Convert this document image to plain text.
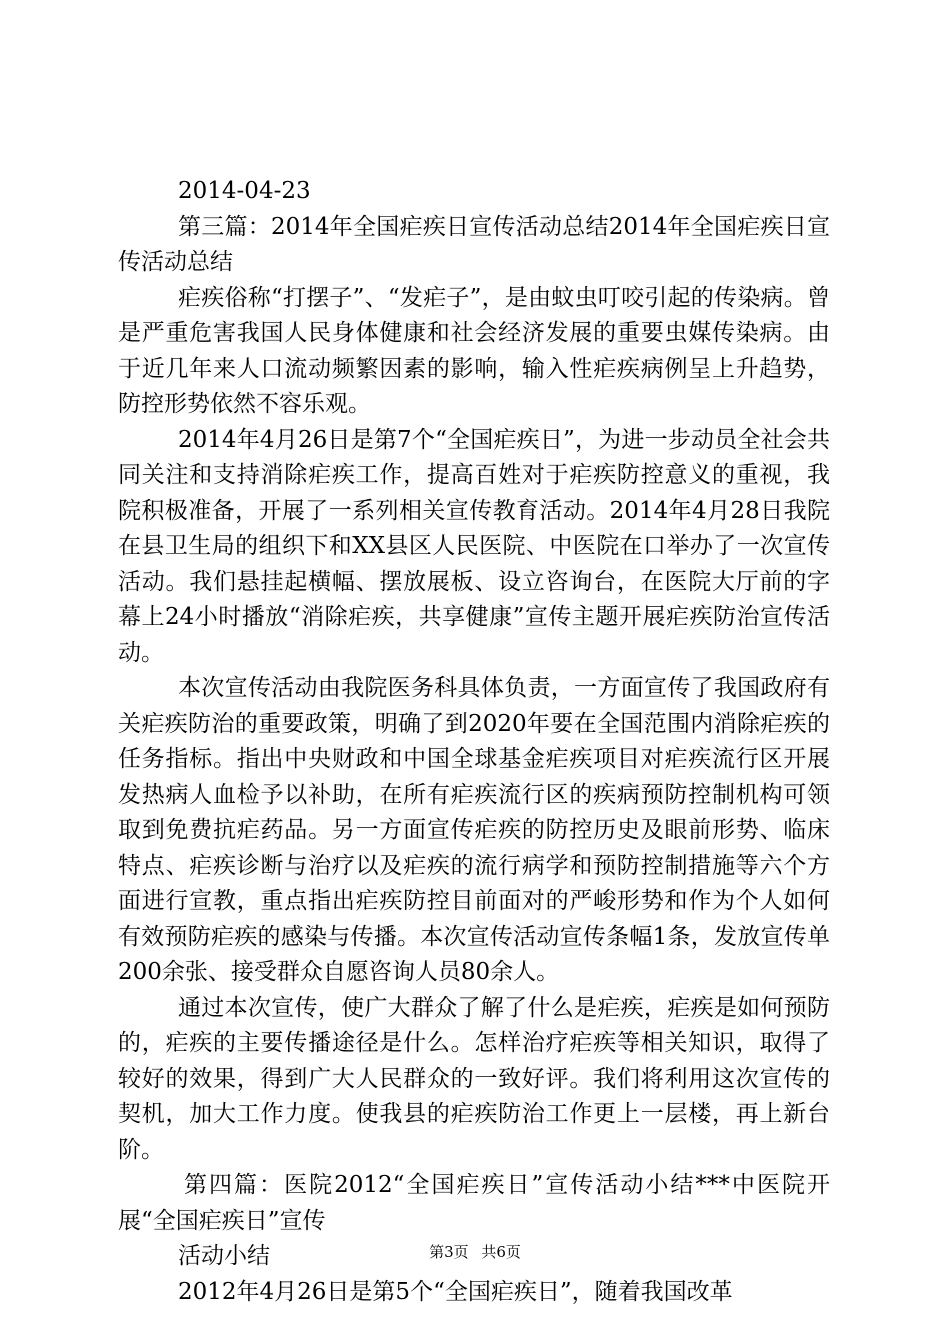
2014-04-23

第三篇：2014年全国疟疾日宣传活动总结2014年全国疟疾日宣传活动总结

疟疾俗称“打摆子”、“发疟子”，是由蚊虫叮咬引起的传染病。曾是严重危害我国人民身体健康和社会经济发展的重要虫媒传染病。由于近几年来人口流动频繁因素的影响，输入性疟疾病例呈上升趋势，防控形势依然不容乐观。

2014年4月26日是第7个“全国疟疾日”，为进一步动员全社会共同关注和支持消除疟疾工作，提高百姓对于疟疾防控意义的重视，我院积极准备，开展了一系列相关宣传教育活动。2014年4月28日我院在县卫生局的组织下和XX县区人民医院、中医院在口举办了一次宣传活动。我们悬挂起横幅、摆放展板、设立咨询台，在医院大厅前的字幕上24小时播放“消除疟疾，共享健康”宣传主题开展疟疾防治宣传活动。

本次宣传活动由我院医务科具体负责，一方面宣传了我国政府有关疟疾防治的重要政策，明确了到2020年要在全国范围内消除疟疾的任务指标。指出中央财政和中国全球基金疟疾项目对疟疾流行区开展发热病人血检予以补助，在所有疟疾流行区的疾病预防控制机构可领取到免费抗疟药品。另一方面宣传疟疾的防控历史及眼前形势、临床特点、疟疾诊断与治疗以及疟疾的流行病学和预防控制措施等六个方面进行宣教，重点指出疟疾防控目前面对的严峻形势和作为个人如何有效预防疟疾的感染与传播。本次宣传活动宣传条幅1条，发放宣传单200余张、接受群众自愿咨询人员80余人。

通过本次宣传，使广大群众了解了什么是疟疾，疟疾是如何预防的，疟疾的主要传播途径是什么。怎样治疗疟疾等相关知识，取得了较好的效果，得到广大人民群众的一致好评。我们将利用这次宣传的契机，加大工作力度。使我县的疟疾防治工作更上一层楼，再上新台阶。

第四篇：医院2012“全国疟疾日”宣传活动小结***中医院开展“全国疟疾日”宣传

活动小结

2012年4月26日是第5个“全国疟疾日”，随着我国改革

第3页 共6页
